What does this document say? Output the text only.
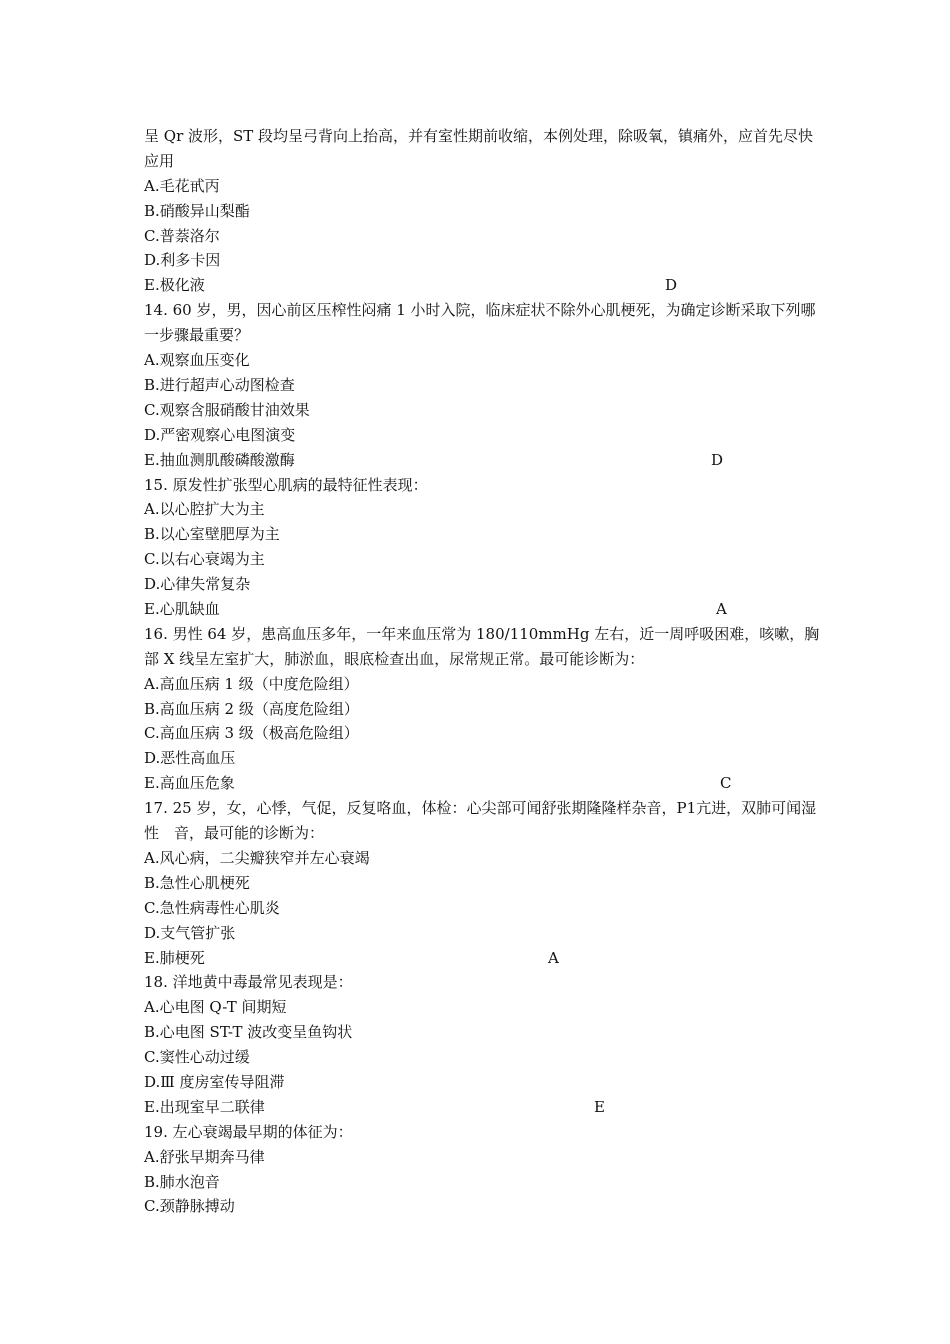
呈 Qr 波形，ST 段均呈弓背向上抬高，并有室性期前收缩，本例处理，除吸氧，镇痛外，应首先尽快应用
A.毛花甙丙
B.硝酸异山梨酯
C.普萘洛尔
D.利多卡因
E.极化液	D
14. 60 岁，男，因心前区压榨性闷痛 1 小时入院，临床症状不除外心肌梗死，为确定诊断采取下列哪一步骤最重要？
A.观察血压变化
B.进行超声心动图检查
C.观察含服硝酸甘油效果
D.严密观察心电图演变
E.抽血测肌酸磷酸激酶	D
15. 原发性扩张型心肌病的最特征性表现：
A.以心腔扩大为主
B.以心室壁肥厚为主
C.以右心衰竭为主
D.心律失常复杂
E.心肌缺血	A
16. 男性 64 岁，患高血压多年，一年来血压常为 180/110mmHg 左右，近一周呼吸困难，咳嗽，胸部 X 线呈左室扩大，肺淤血，眼底检查出血，尿常规正常。最可能诊断为：
A.高血压病 1 级（中度危险组）
B.高血压病 2 级（高度危险组）
C.高血压病 3 级（极高危险组）
D.恶性高血压
E.高血压危象	C
17. 25 岁，女，心悸，气促，反复咯血，体检：心尖部可闻舒张期隆隆样杂音，P1亢进，双肺可闻湿性　音，最可能的诊断为：
A.风心病，二尖瓣狭窄并左心衰竭
B.急性心肌梗死
C.急性病毒性心肌炎
D.支气管扩张
E.肺梗死	A
18. 洋地黄中毒最常见表现是：
A.心电图 Q-T 间期短
B.心电图 ST-T 波改变呈鱼钩状
C.窦性心动过缓
D.Ⅲ 度房室传导阻滞
E.出现室早二联律	E
19. 左心衰竭最早期的体征为：
A.舒张早期奔马律
B.肺水泡音
C.颈静脉搏动
